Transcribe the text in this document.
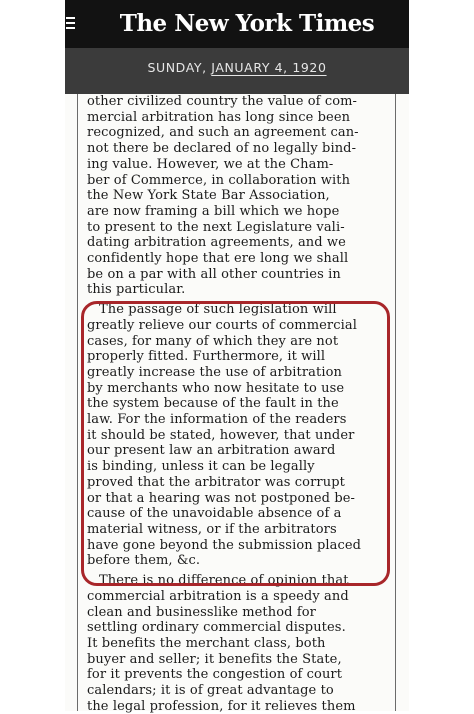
The New York Times
SUNDAY, JANUARY 4, 1920
other civilized country the value of com-
mercial arbitration has long since been
recognized, and such an agreement can-
not there be declared of no legally bind-
ing value. However, we at the Cham-
ber of Commerce, in collaboration with
the New York State Bar Association,
are now framing a bill which we hope
to present to the next Legislature vali-
dating arbitration agreements, and we
confidently hope that ere long we shall
be on a par with all other countries in
this particular.
The passage of such legislation will
greatly relieve our courts of commercial
cases, for many of which they are not
properly fitted. Furthermore, it will
greatly increase the use of arbitration
by merchants who now hesitate to use
the system because of the fault in the
law. For the information of the readers
it should be stated, however, that under
our present law an arbitration award
is binding, unless it can be legally
proved that the arbitrator was corrupt
or that a hearing was not postponed be-
cause of the unavoidable absence of a
material witness, or if the arbitrators
have gone beyond the submission placed
before them, &c.
There is no difference of opinion that
commercial arbitration is a speedy and
clean and businesslike method for
settling ordinary commercial disputes.
It benefits the merchant class, both
buyer and seller; it benefits the State,
for it prevents the congestion of court
calendars; it is of great advantage to
the legal profession, for it relieves them
